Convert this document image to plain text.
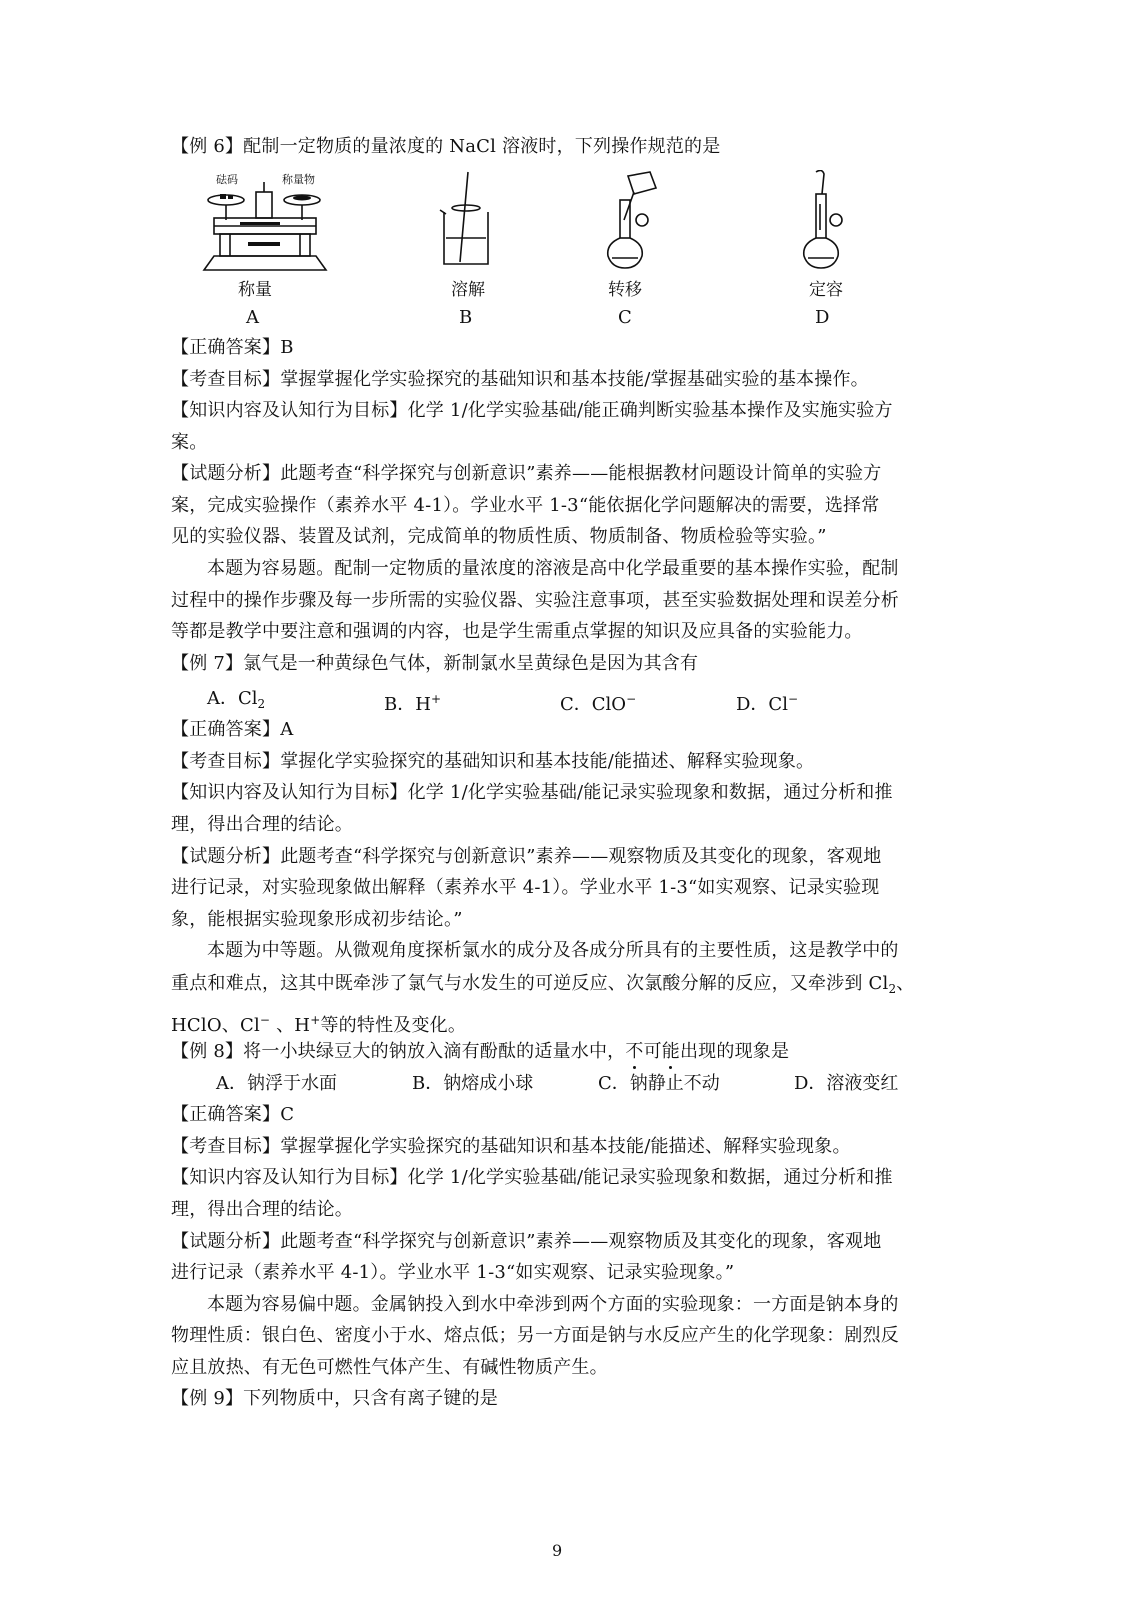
【例 6】配制一定物质的量浓度的 NaCl 溶液时，下列操作规范的是
砝码	称量物
称量	溶解	转移	定容
A	B	C	D
【正确答案】B
【考查目标】掌握掌握化学实验探究的基础知识和基本技能/掌握基础实验的基本操作。
【知识内容及认知行为目标】化学 1/化学实验基础/能正确判断实验基本操作及实施实验方
案。
【试题分析】此题考查“科学探究与创新意识”素养——能根据教材问题设计简单的实验方
案，完成实验操作（素养水平 4-1）。学业水平 1-3“能依据化学问题解决的需要，选择常
见的实验仪器、装置及试剂，完成简单的物质性质、物质制备、物质检验等实验。”
本题为容易题。配制一定物质的量浓度的溶液是高中化学最重要的基本操作实验，配制
过程中的操作步骤及每一步所需的实验仪器、实验注意事项，甚至实验数据处理和误差分析
等都是教学中要注意和强调的内容，也是学生需重点掌握的知识及应具备的实验能力。
【例 7】氯气是一种黄绿色气体，新制氯水呈黄绿色是因为其含有
A．$Cl_2$	B．H+	C．ClO−	D．Cl−
【正确答案】A
【考查目标】掌握化学实验探究的基础知识和基本技能/能描述、解释实验现象。
【知识内容及认知行为目标】化学 1/化学实验基础/能记录实验现象和数据，通过分析和推
理，得出合理的结论。
【试题分析】此题考查“科学探究与创新意识”素养——观察物质及其变化的现象，客观地
进行记录，对实验现象做出解释（素养水平 4-1）。学业水平 1-3“如实观察、记录实验现
象，能根据实验现象形成初步结论。”
本题为中等题。从微观角度探析氯水的成分及各成分所具有的主要性质，这是教学中的
重点和难点，这其中既牵涉了氯气与水发生的可逆反应、次氯酸分解的反应，又牵涉到 $Cl_2$、
HClO、Cl− 、H+等的特性及变化。
【例 8】将一小块绿豆大的钠放入滴有酚酞的适量水中，不可能出现的现象是
A．钠浮于水面	B．钠熔成小球	C．钠静止不动	D．溶液变红
【正确答案】C
【考查目标】掌握掌握化学实验探究的基础知识和基本技能/能描述、解释实验现象。
【知识内容及认知行为目标】化学 1/化学实验基础/能记录实验现象和数据，通过分析和推
理，得出合理的结论。
【试题分析】此题考查“科学探究与创新意识”素养——观察物质及其变化的现象，客观地
进行记录（素养水平 4-1）。学业水平 1-3“如实观察、记录实验现象。”
本题为容易偏中题。金属钠投入到水中牵涉到两个方面的实验现象：一方面是钠本身的
物理性质：银白色、密度小于水、熔点低；另一方面是钠与水反应产生的化学现象：剧烈反
应且放热、有无色可燃性气体产生、有碱性物质产生。
【例 9】下列物质中，只含有离子键的是
9
